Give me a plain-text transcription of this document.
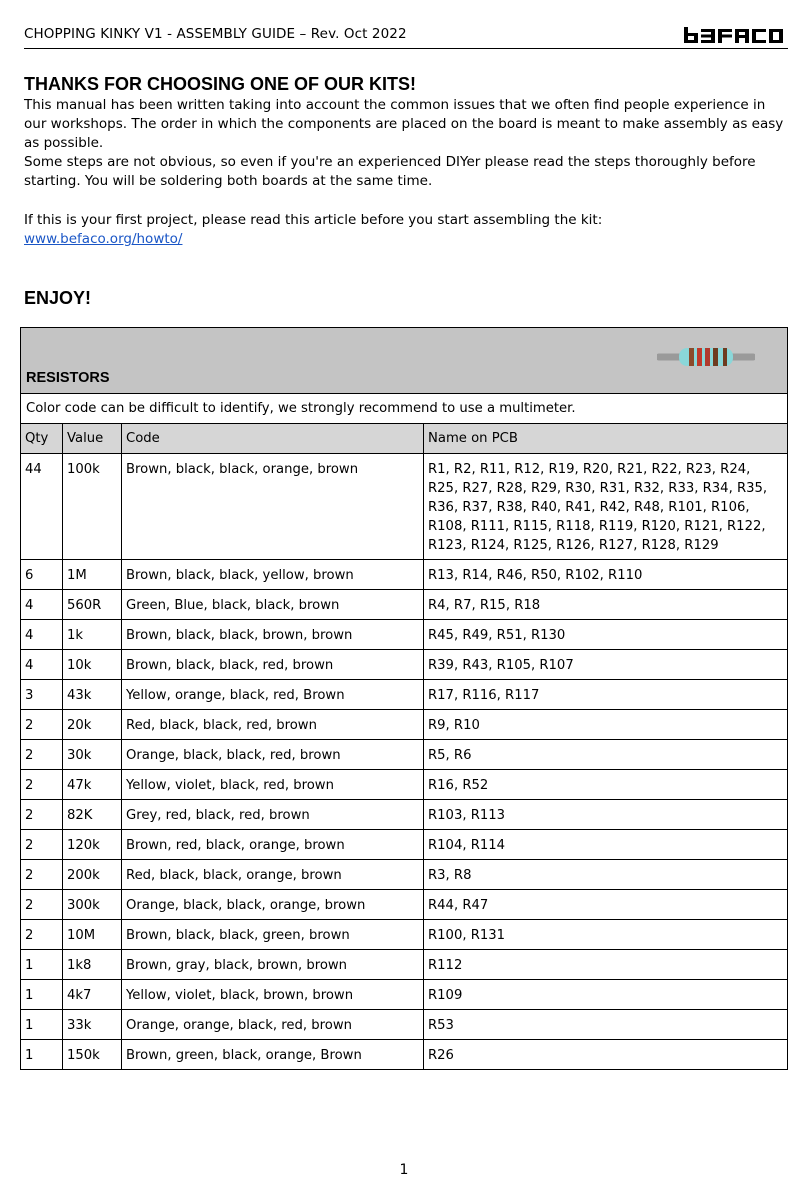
CHOPPING KINKY V1 - ASSEMBLY GUIDE – Rev. Oct 2022
THANKS FOR CHOOSING ONE OF OUR KITS!
This manual has been written taking into account the common issues that we often find people experience in our workshops. The order in which the components are placed on the board is meant to make assembly as easy as possible.
Some steps are not obvious, so even if you're an experienced DIYer please read the steps thoroughly before starting. You will be soldering both boards at the same time.
If this is your first project, please read this article before you start assembling the kit:
www.befaco.org/howto/
ENJOY!
RESISTORS			

Color code can be difficult to identify, we strongly recommend to use a multimeter.			
Qty	Value	Code	Name on PCB
44	100k	Brown, black, black, orange, brown	R1, R2, R11, R12, R19, R20, R21, R22, R23, R24, R25, R27, R28, R29, R30, R31, R32, R33, R34, R35, R36, R37, R38, R40, R41, R42, R48, R101, R106, R108, R111, R115, R118, R119, R120, R121, R122, R123, R124, R125, R126, R127, R128, R129
6	1M	Brown, black, black, yellow, brown	R13, R14, R46, R50, R102, R110
4	560R	Green, Blue, black, black, brown	R4, R7, R15, R18
4	1k	Brown, black, black, brown, brown	R45, R49, R51, R130
4	10k	Brown, black, black, red, brown	R39, R43, R105, R107
3	43k	Yellow, orange, black, red, Brown	R17, R116, R117
2	20k	Red, black, black, red, brown	R9, R10
2	30k	Orange, black, black, red, brown	R5, R6
2	47k	Yellow, violet, black, red, brown	R16, R52
2	82K	Grey, red, black, red, brown	R103, R113
2	120k	Brown, red, black, orange, brown	R104, R114
2	200k	Red, black, black, orange, brown	R3, R8
2	300k	Orange, black, black, orange, brown	R44, R47
2	10M	Brown, black, black, green, brown	R100, R131
1	1k8	Brown, gray, black, brown, brown	R112
1	4k7	Yellow, violet, black, brown, brown	R109
1	33k	Orange, orange, black, red, brown	R53
1	150k	Brown, green, black, orange, Brown	R26
1
